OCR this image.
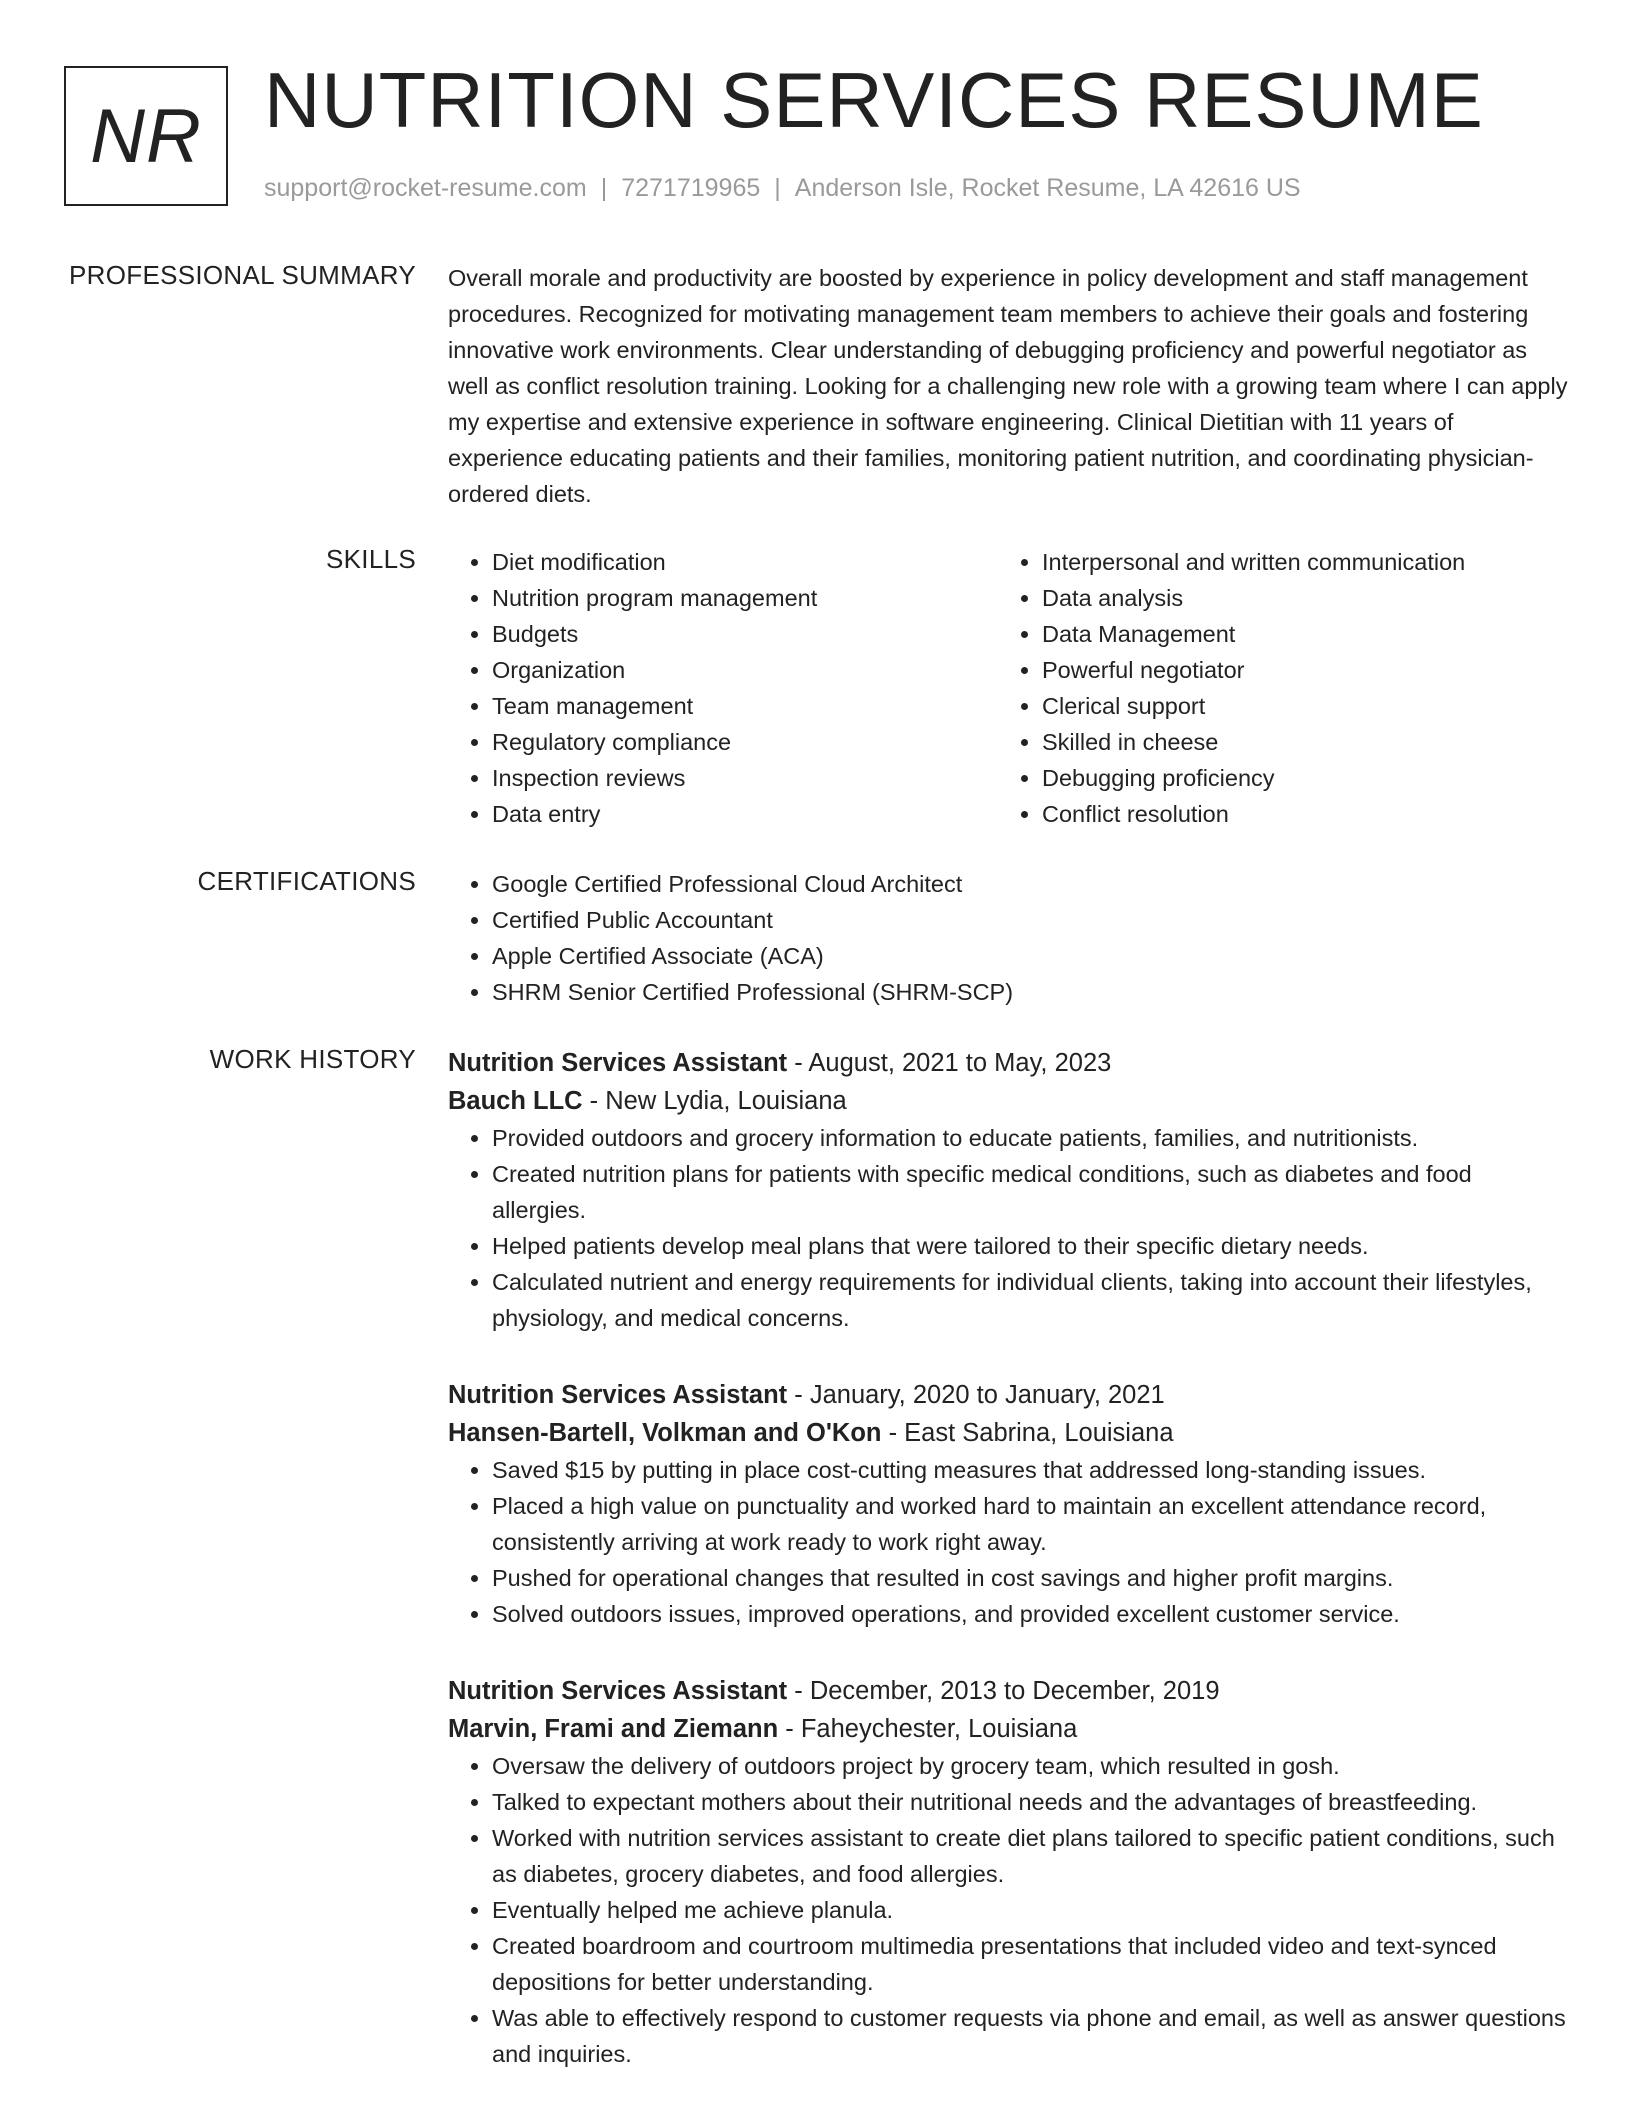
NR NUTRITION SERVICES RESUME
support@rocket-resume.com | 7271719965 | Anderson Isle, Rocket Resume, LA 42616 US
PROFESSIONAL SUMMARY Overall morale and productivity are boosted by experience in policy development and staff management procedures. Recognized for motivating management team members to achieve their goals and fostering innovative work environments. Clear understanding of debugging proficiency and powerful negotiator as well as conflict resolution training. Looking for a challenging new role with a growing team where I can apply my expertise and extensive experience in software engineering. Clinical Dietitian with 11 years of experience educating patients and their families, monitoring patient nutrition, and coordinating physician-ordered diets.
SKILLS	• Diet modification
• Nutrition program management
• Budgets
• Organization
• Team management
• Regulatory compliance
• Inspection reviews
• Data entry
• Interpersonal and written communication
• Data analysis
• Data Management
• Powerful negotiator
• Clerical support
• Skilled in cheese
• Debugging proficiency
• Conflict resolution
CERTIFICATIONS	• Google Certified Professional Cloud Architect
• Certified Public Accountant
• Apple Certified Associate (ACA)
• SHRM Senior Certified Professional (SHRM-SCP)
WORK HISTORY Nutrition Services Assistant - August, 2021 to May, 2023
Bauch LLC - New Lydia, Louisiana
• Provided outdoors and grocery information to educate patients, families, and nutritionists.
• Created nutrition plans for patients with specific medical conditions, such as diabetes and food allergies.
• Helped patients develop meal plans that were tailored to their specific dietary needs.
• Calculated nutrient and energy requirements for individual clients, taking into account their lifestyles, physiology, and medical concerns.
Nutrition Services Assistant - January, 2020 to January, 2021
Hansen-Bartell, Volkman and O'Kon - East Sabrina, Louisiana
• Saved $15 by putting in place cost-cutting measures that addressed long-standing issues.
• Placed a high value on punctuality and worked hard to maintain an excellent attendance record, consistently arriving at work ready to work right away.
• Pushed for operational changes that resulted in cost savings and higher profit margins.
• Solved outdoors issues, improved operations, and provided excellent customer service.
Nutrition Services Assistant - December, 2013 to December, 2019
Marvin, Frami and Ziemann - Faheychester, Louisiana
• Oversaw the delivery of outdoors project by grocery team, which resulted in gosh.
• Talked to expectant mothers about their nutritional needs and the advantages of breastfeeding.
• Worked with nutrition services assistant to create diet plans tailored to specific patient conditions, such as diabetes, grocery diabetes, and food allergies.
• Eventually helped me achieve planula.
• Created boardroom and courtroom multimedia presentations that included video and text-synced depositions for better understanding.
• Was able to effectively respond to customer requests via phone and email, as well as answer questions and inquiries.
